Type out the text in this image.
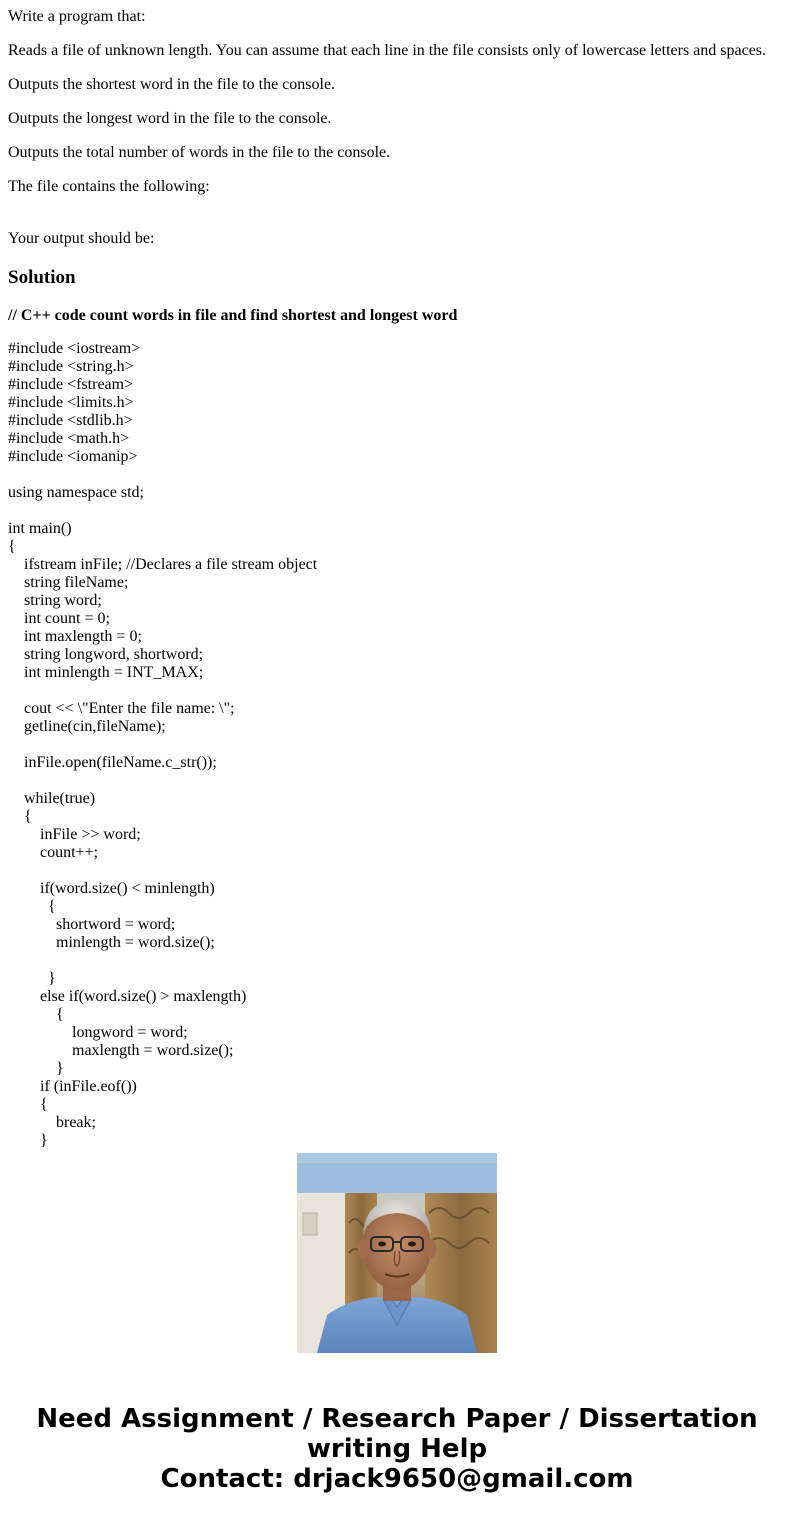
Write a program that:

Reads a file of unknown length. You can assume that each line in the file consists only of lowercase letters and spaces.

Outputs the shortest word in the file to the console.

Outputs the longest word in the file to the console.

Outputs the total number of words in the file to the console.

The file contains the following:

Your output should be:

Solution

// C++ code count words in file and find shortest and longest word

#include <iostream>
#include <string.h>
#include <fstream>
#include <limits.h>
#include <stdlib.h>
#include <math.h>
#include <iomanip>
using namespace std;
int main()
{
ifstream inFile; //Declares a file stream object
string fileName;
string word;
int count = 0;
int maxlength = 0;
string longword, shortword;
int minlength = INT_MAX;
cout << \"Enter the file name: \";
getline(cin,fileName);
inFile.open(fileName.c_str());
while(true)
{
inFile >> word;
count++;
if(word.size() < minlength)
{
shortword = word;
minlength = word.size();
}
else if(word.size() > maxlength)
{
longword = word;
maxlength = word.size();
}
if (inFile.eof())
{
break;
}
Need Assignment / Research Paper / Dissertation
writing Help
Contact: drjack9650@gmail.com
